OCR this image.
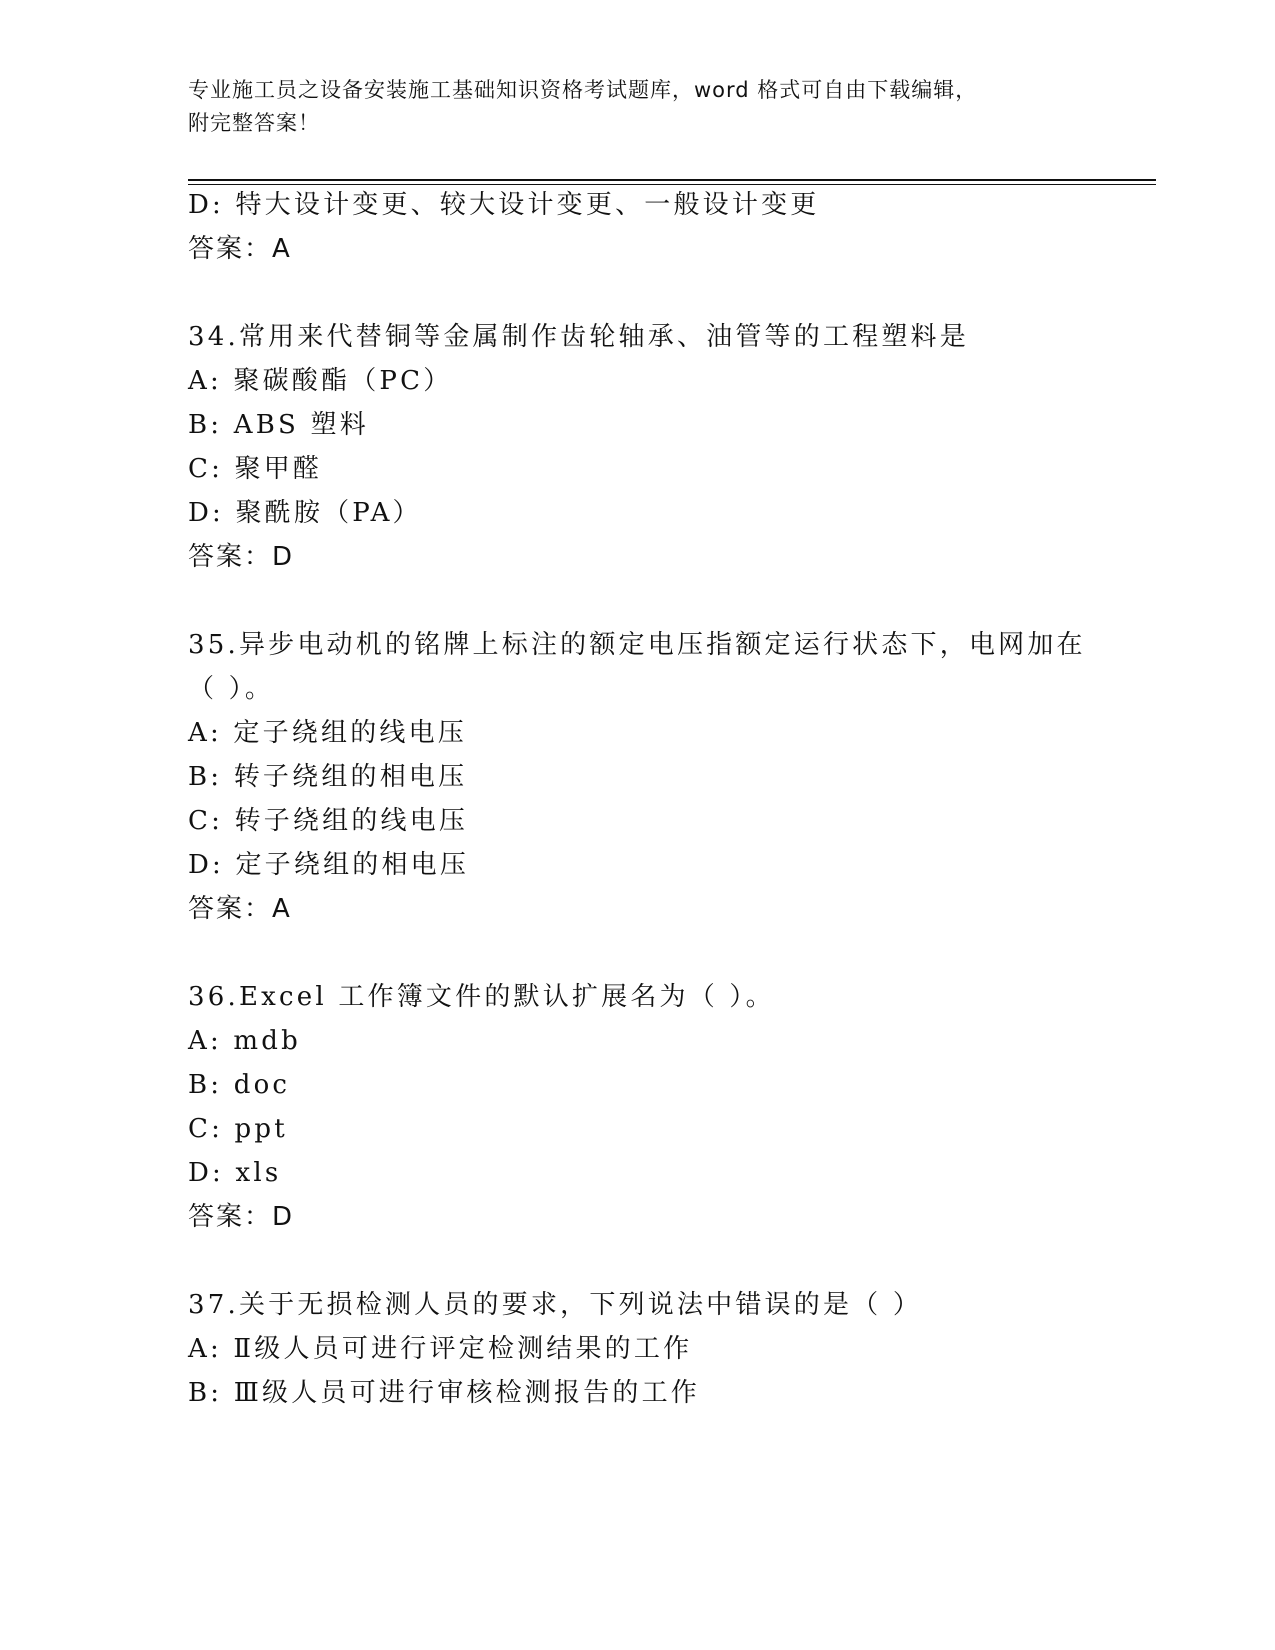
专业施工员之设备安装施工基础知识资格考试题库，word 格式可自由下载编辑，
附完整答案！
D: 特大设计变更、较大设计变更、一般设计变更
答案：A
34.常用来代替铜等金属制作齿轮轴承、油管等的工程塑料是
A: 聚碳酸酯（PC）
B: ABS 塑料
C: 聚甲醛
D: 聚酰胺（PA）
答案：D
35.异步电动机的铭牌上标注的额定电压指额定运行状态下，电网加在
（ ）。
A: 定子绕组的线电压
B: 转子绕组的相电压
C: 转子绕组的线电压
D: 定子绕组的相电压
答案：A
36.Excel 工作簿文件的默认扩展名为（ ）。
A: mdb
B: doc
C: ppt
D: xls
答案：D
37.关于无损检测人员的要求，下列说法中错误的是（ ）
A: Ⅱ级人员可进行评定检测结果的工作
B: Ⅲ级人员可进行审核检测报告的工作
